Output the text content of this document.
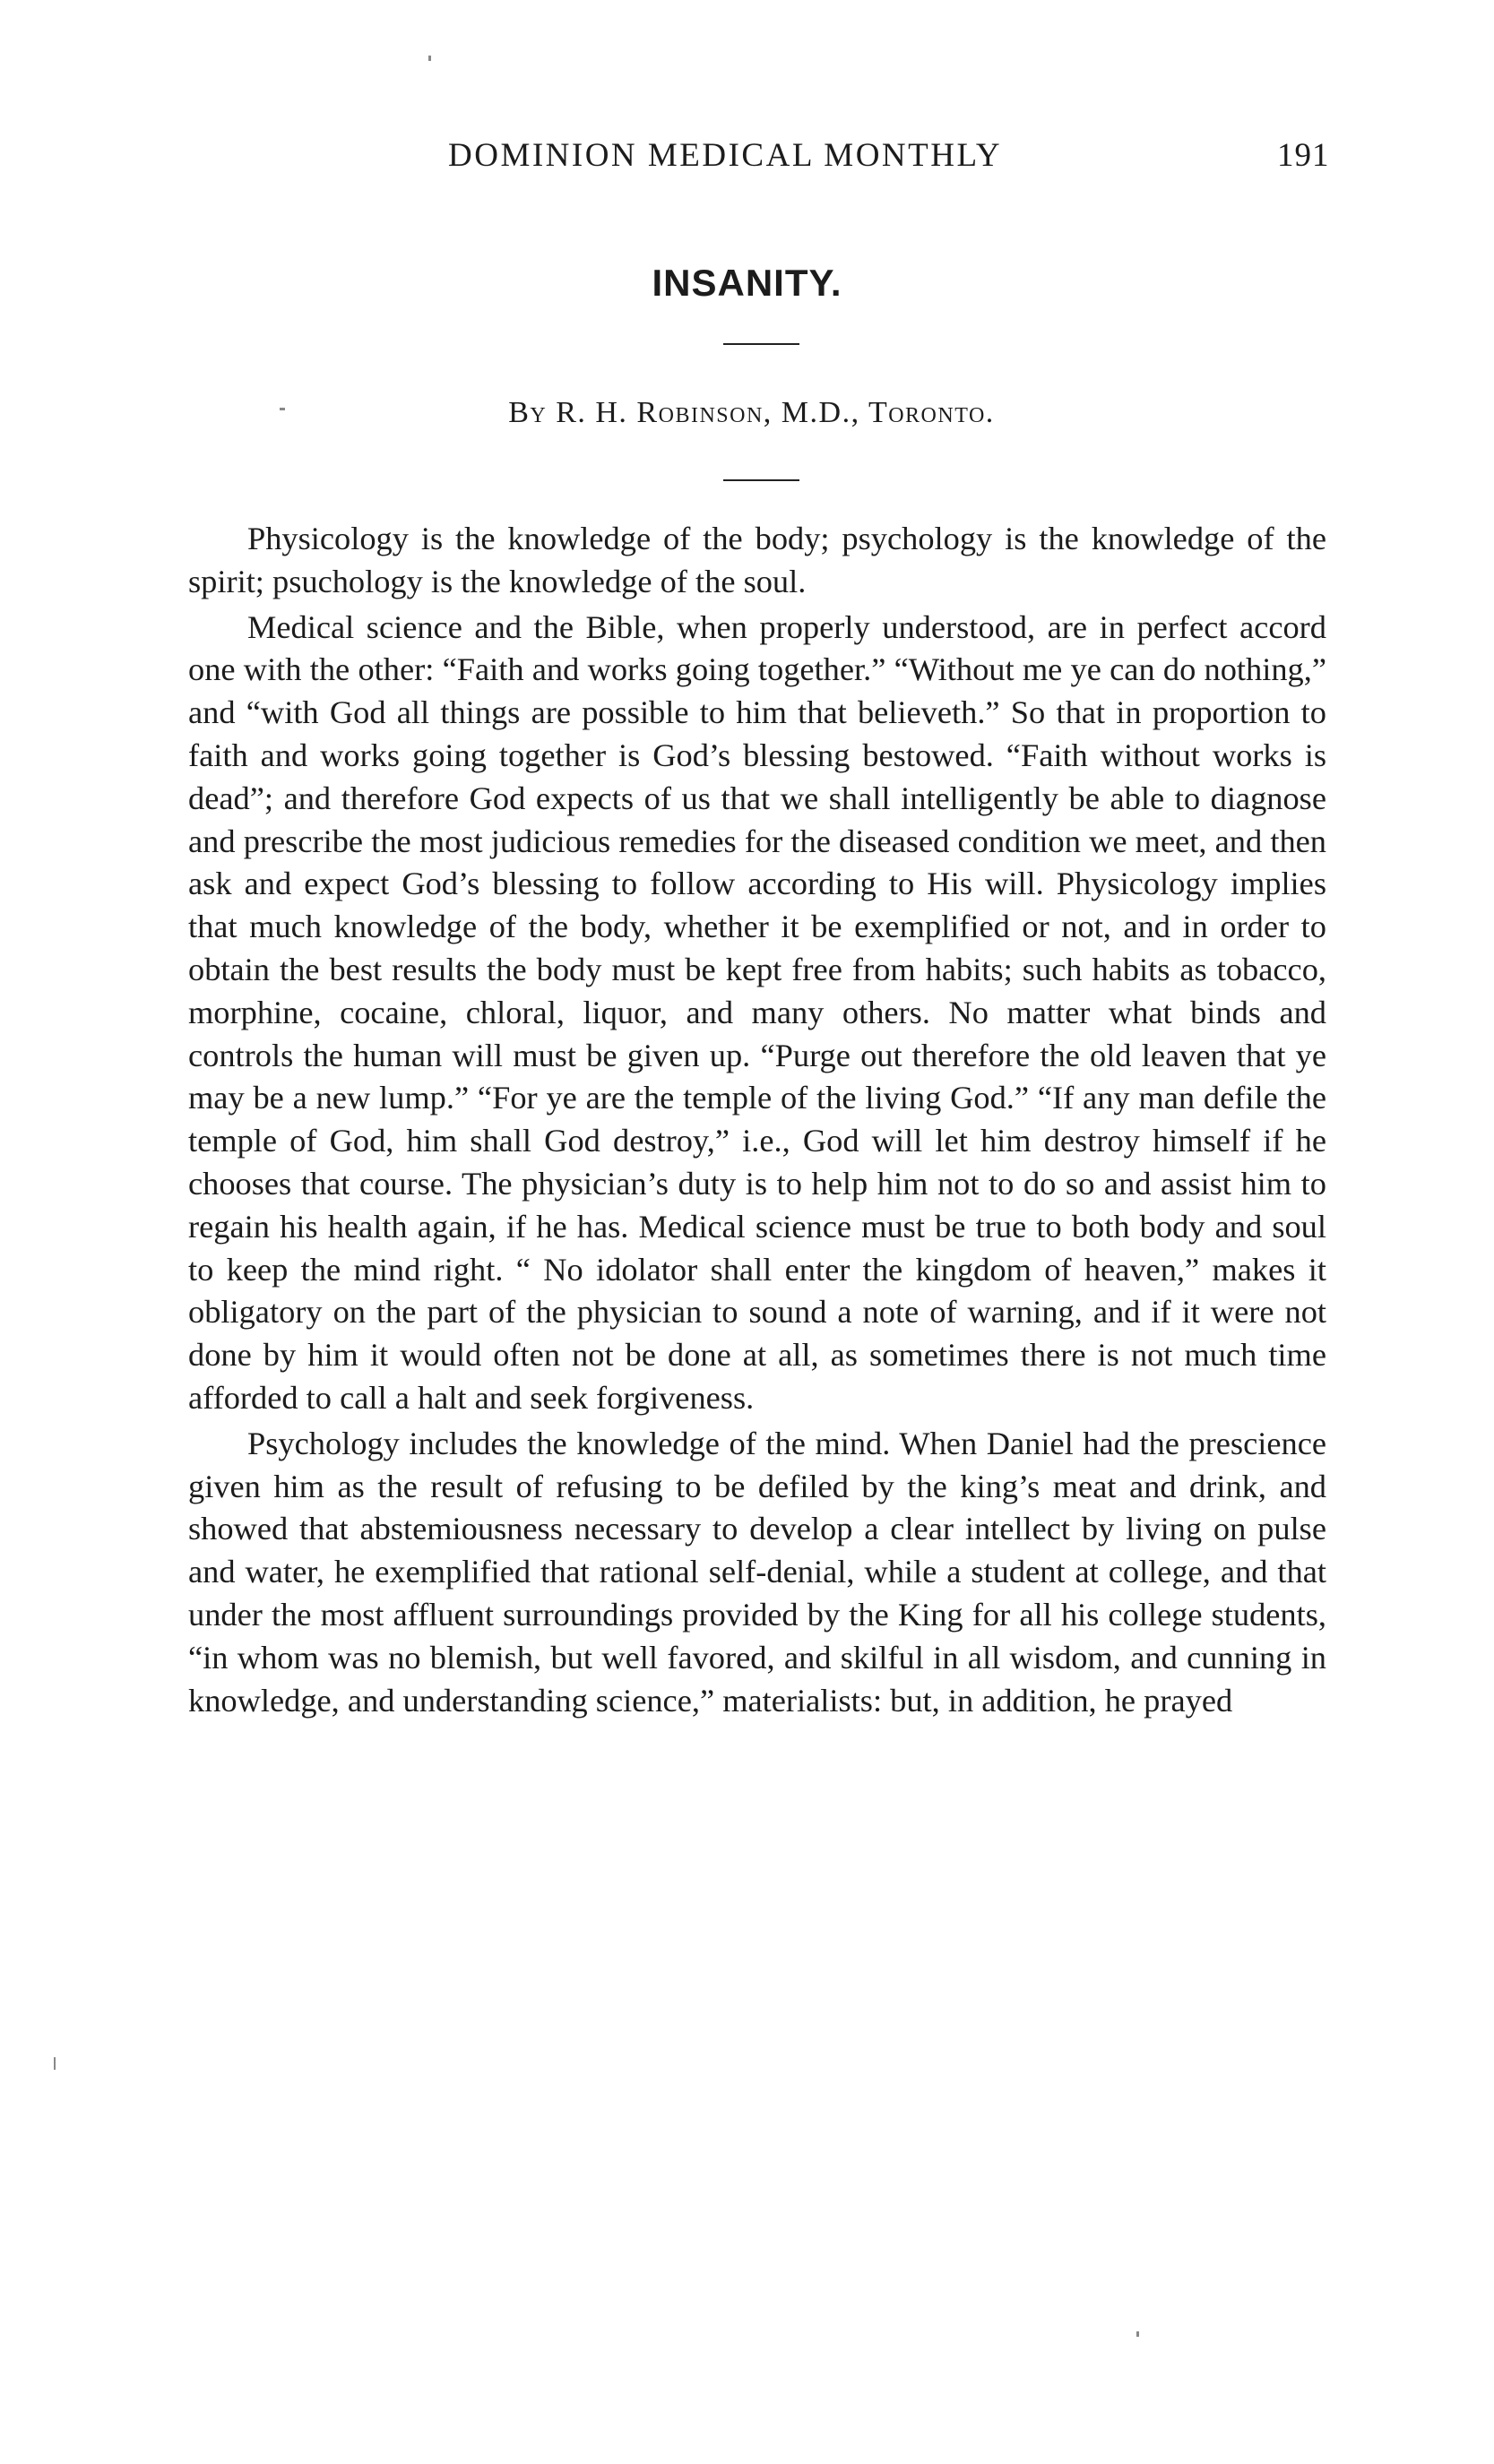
DOMINION MEDICAL MONTHLY	191
INSANITY.
By R. H. Robinson, M.D., Toronto.

Physicology is the knowledge of the body; psychology is the knowledge of the spirit; psuchology is the knowledge of the soul.

Medical science and the Bible, when properly understood, are in perfect accord one with the other: “Faith and works going together.” “Without me ye can do nothing,” and “with God all things are possible to him that believeth.” So that in proportion to faith and works going together is God’s blessing bestowed. “Faith without works is dead”; and therefore God expects of us that we shall intelligently be able to diagnose and prescribe the most judicious remedies for the diseased condition we meet, and then ask and expect God’s blessing to follow according to His will. Physicology implies that much knowledge of the body, whether it be exemplified or not, and in order to obtain the best results the body must be kept free from habits; such habits as tobacco, morphine, cocaine, chloral, liquor, and many others. No matter what binds and controls the human will must be given up. “Purge out therefore the old leaven that ye may be a new lump.” “For ye are the temple of the living God.” “If any man defile the temple of God, him shall God destroy,” i.e., God will let him destroy himself if he chooses that course. The physician’s duty is to help him not to do so and assist him to regain his health again, if he has. Medical science must be true to both body and soul to keep the mind right. “ No idolator shall enter the kingdom of heaven,” makes it obligatory on the part of the physician to sound a note of warning, and if it were not done by him it would often not be done at all, as sometimes there is not much time afforded to call a halt and seek forgiveness.

Psychology includes the knowledge of the mind. When Daniel had the prescience given him as the result of refusing to be defiled by the king’s meat and drink, and showed that abstemiousness necessary to develop a clear intellect by living on pulse and water, he exemplified that rational self-denial, while a student at college, and that under the most affluent surroundings provided by the King for all his college students, “in whom was no blemish, but well favored, and skilful in all wisdom, and cunning in knowledge, and understanding science,” materialists: but, in addition, he prayed
